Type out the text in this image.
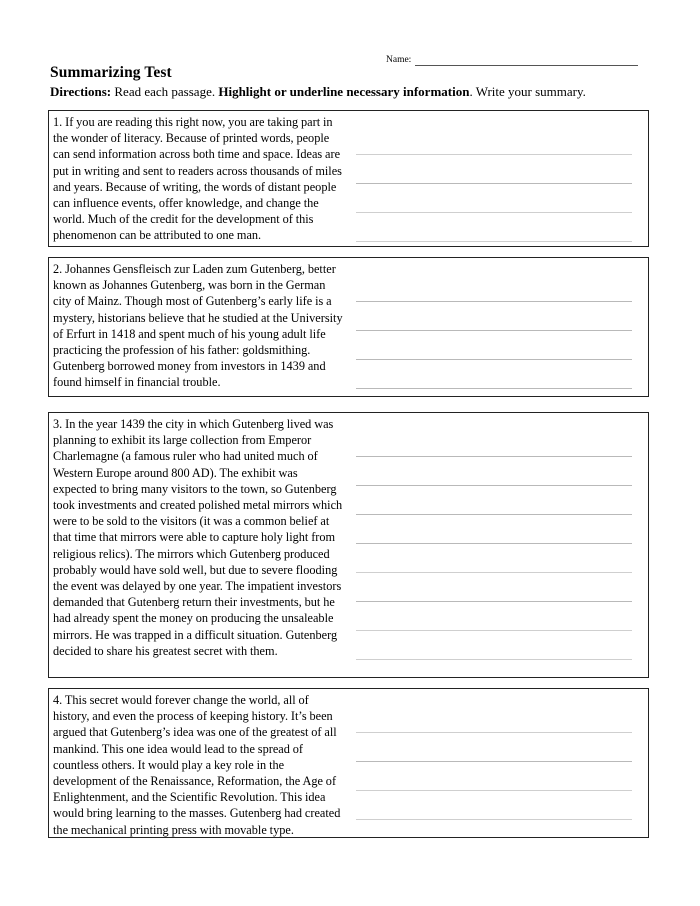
Name:
Summarizing Test
Directions: Read each passage. Highlight or underline necessary information. Write your summary.
1. If you are reading this right now, you are taking part in the wonder of literacy. Because of printed words, people can send information across both time and space. Ideas are put in writing and sent to readers across thousands of miles and years. Because of writing, the words of distant people can influence events, offer knowledge, and change the world. Much of the credit for the development of this phenomenon can be attributed to one man.
2. Johannes Gensfleisch zur Laden zum Gutenberg, better known as Johannes Gutenberg, was born in the German city of Mainz. Though most of Gutenberg’s early life is a mystery, historians believe that he studied at the University of Erfurt in 1418 and spent much of his young adult life practicing the profession of his father: goldsmithing. Gutenberg borrowed money from investors in 1439 and found himself in financial trouble.
3. In the year 1439 the city in which Gutenberg lived was planning to exhibit its large collection from Emperor Charlemagne (a famous ruler who had united much of Western Europe around 800 AD). The exhibit was expected to bring many visitors to the town, so Gutenberg took investments and created polished metal mirrors which were to be sold to the visitors (it was a common belief at that time that mirrors were able to capture holy light from religious relics). The mirrors which Gutenberg produced probably would have sold well, but due to severe flooding the event was delayed by one year. The impatient investors demanded that Gutenberg return their investments, but he had already spent the money on producing the unsaleable mirrors. He was trapped in a difficult situation. Gutenberg decided to share his greatest secret with them.
4. This secret would forever change the world, all of history, and even the process of keeping history. It’s been argued that Gutenberg’s idea was one of the greatest of all mankind. This one idea would lead to the spread of countless others. It would play a key role in the development of the Renaissance, Reformation, the Age of Enlightenment, and the Scientific Revolution. This idea would bring learning to the masses. Gutenberg had created the mechanical printing press with movable type.
